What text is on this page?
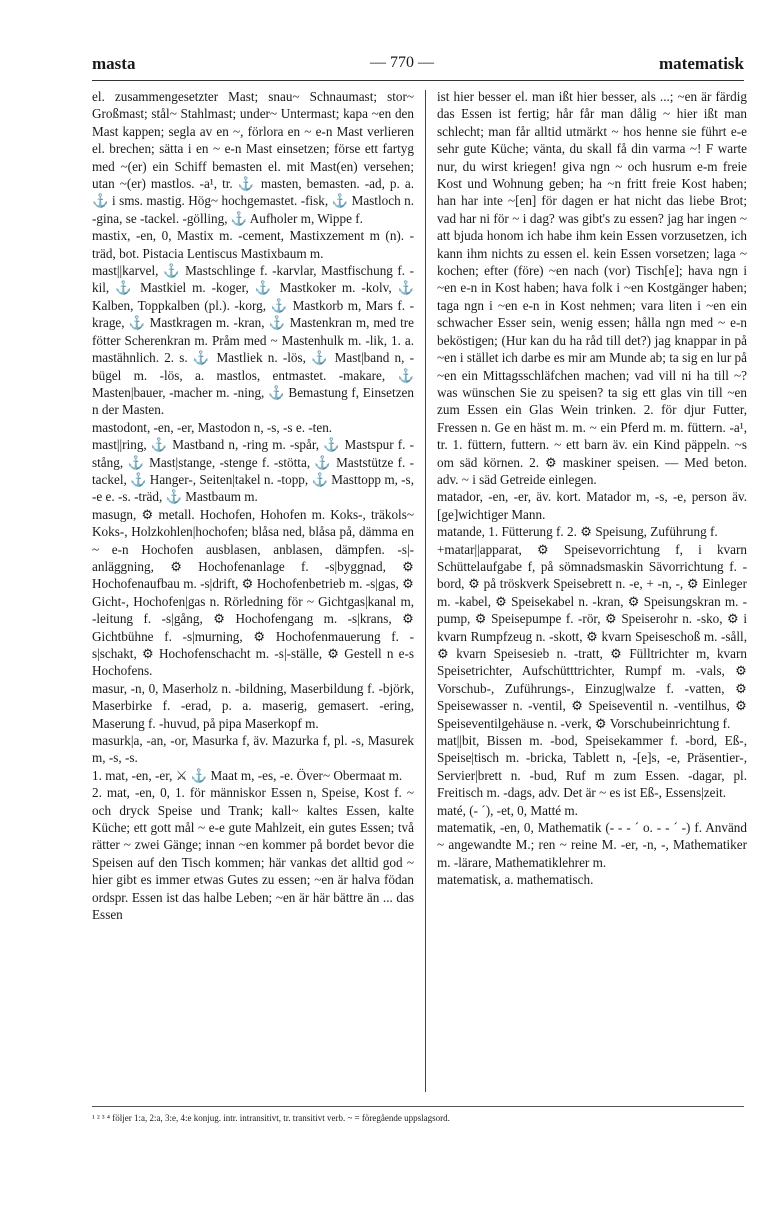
masta	— 770 —	matematisk

el. zusammengesetzter Mast; snau~ Schnaumast; stor~ Großmast; stål~ Stahlmast; under~ Untermast; kapa ~en den Mast kappen; segla av en ~, förlora en ~ e-n Mast verlieren el. brechen; sätta i en ~ e-n Mast einsetzen; förse ett fartyg med ~(er) ein Schiff bemasten el. mit Mast(en) versehen; utan ~(er) mastlos. -a¹, tr. ⚓ masten, bemasten. -ad, p. a. ⚓ i sms. mastig. Hög~ hochgemastet. -fisk, ⚓ Mastloch n. -gina, se -tackel. -gölling, ⚓ Aufholer m, Wippe f.

mastix, -en, 0, Mastix m. -cement, Mastixzement m (n). -träd, bot. Pistacia Lentiscus Mastixbaum m.

mast||karvel, ⚓ Mastschlinge f. -karvlar, Mastfischung f. -kil, ⚓ Mastkiel m. -koger, ⚓ Mastkoker m. -kolv, ⚓ Kalben, Toppkalben (pl.). -korg, ⚓ Mastkorb m, Mars f. -krage, ⚓ Mastkragen m. -kran, ⚓ Mastenkran m, med tre fötter Scherenkran m. Pråm med ~ Mastenhulk m. -lik, 1. a. mastähnlich. 2. s. ⚓ Mastliek n. -lös, ⚓ Mast|band n, -bügel m. -lös, a. mastlos, entmastet. -makare, ⚓ Masten|bauer, -macher m. -ning, ⚓ Bemastung f, Einsetzen n der Masten.

mastodont, -en, -er, Mastodon n, -s, -s e. -ten.

mast||ring, ⚓ Mastband n, -ring m. -spår, ⚓ Mastspur f. -stång, ⚓ Mast|stange, -stenge f. -stötta, ⚓ Maststütze f. -tackel, ⚓ Hanger-, Seiten|takel n. -topp, ⚓ Masttopp m, -s, -e e. -s. -träd, ⚓ Mastbaum m.

masugn, ⚙ metall. Hochofen, Hohofen m. Koks-, träkols~ Koks-, Holzkohlen|hochofen; blåsa ned, blåsa på, dämma en ~ e-n Hochofen ausblasen, anblasen, dämpfen. -s|-anläggning, ⚙ Hochofenanlage f. -s|byggnad, ⚙ Hochofenaufbau m. -s|drift, ⚙ Hochofenbetrieb m. -s|gas, ⚙ Gicht-, Hochofen|gas n. Rörledning för ~ Gichtgas|kanal m, -leitung f. -s|gång, ⚙ Hochofengang m. -s|krans, ⚙ Gichtbühne f. -s|murning, ⚙ Hochofenmauerung f. -s|schakt, ⚙ Hochofenschacht m. -s|-ställe, ⚙ Gestell n e-s Hochofens.

masur, -n, 0, Maserholz n. -bildning, Maserbildung f. -björk, Maserbirke f. -erad, p. a. maserig, gemasert. -ering, Maserung f. -huvud, på pipa Maserkopf m.

masurk|a, -an, -or, Masurka f, äv. Mazurka f, pl. -s, Masurek m, -s, -s.

1. mat, -en, -er, ⚔ ⚓ Maat m, -es, -e. Över~ Obermaat m.

2. mat, -en, 0, 1. för människor Essen n, Speise, Kost f. ~ och dryck Speise und Trank; kall~ kaltes Essen, kalte Küche; ett gott mål ~ e-e gute Mahlzeit, ein gutes Essen; två rätter ~ zwei Gänge; innan ~en kommer på bordet bevor die Speisen auf den Tisch kommen; här vankas det alltid god ~ hier gibt es immer etwas Gutes zu essen; ~en är halva födan ordspr. Essen ist das halbe Leben; ~en är här bättre än ... das Essen

ist hier besser el. man ißt hier besser, als ...; ~en är färdig das Essen ist fertig; hår får man dålig ~ hier ißt man schlecht; man får alltid utmärkt ~ hos henne sie führt e-e sehr gute Küche; vänta, du skall få din varma ~! F warte nur, du wirst kriegen! giva ngn ~ och husrum e-m freie Kost und Wohnung geben; ha ~n fritt freie Kost haben; han har inte ~[en] för dagen er hat nicht das liebe Brot; vad har ni för ~ i dag? was gibt's zu essen? jag har ingen ~ att bjuda honom ich habe ihm kein Essen vorzusetzen, ich kann ihm nichts zu essen el. kein Essen vorsetzen; laga ~ kochen; efter (före) ~en nach (vor) Tisch[e]; hava ngn i ~en e-n in Kost haben; hava folk i ~en Kostgänger haben; taga ngn i ~en e-n in Kost nehmen; vara liten i ~en ein schwacher Esser sein, wenig essen; hålla ngn med ~ e-n beköstigen; (Hur kan du ha råd till det?) jag knappar in på ~en i stället ich darbe es mir am Munde ab; ta sig en lur på ~en ein Mittagsschläfchen machen; vad vill ni ha till ~? was wünschen Sie zu speisen? ta sig ett glas vin till ~en zum Essen ein Glas Wein trinken. 2. för djur Futter, Fressen n. Ge en häst m. m. ~ ein Pferd m. m. füttern. -a¹, tr. 1. füttern, futtern. ~ ett barn äv. ein Kind päppeln. ~s om säd körnen. 2. ⚙ maskiner speisen. — Med beton. adv. ~ i säd Getreide einlegen.

matador, -en, -er, äv. kort. Matador m, -s, -e, person äv. [ge]wichtiger Mann.

matande, 1. Fütterung f. 2. ⚙ Speisung, Zuführung f.

+matar||apparat, ⚙ Speisevorrichtung f, i kvarn Schüttelaufgabe f, på sömnadsmaskin Sävorrichtung f. -bord, ⚙ på tröskverk Speisebrett n. -e, + -n, -, ⚙ Einleger m. -kabel, ⚙ Speisekabel n. -kran, ⚙ Speisungskran m. -pump, ⚙ Speisepumpe f. -rör, ⚙ Speiserohr n. -sko, ⚙ i kvarn Rumpfzeug n. -skott, ⚙ kvarn Speiseschoß m. -såll, ⚙ kvarn Speisesieb n. -tratt, ⚙ Fülltrichter m, kvarn Speisetrichter, Aufschütttrichter, Rumpf m. -vals, ⚙ Vorschub-, Zuführungs-, Einzug|walze f. -vatten, ⚙ Speisewasser n. -ventil, ⚙ Speiseventil n. -ventilhus, ⚙ Speiseventilgehäuse n. -verk, ⚙ Vorschubeinrichtung f.

mat||bit, Bissen m. -bod, Speisekammer f. -bord, Eß-, Speise|tisch m. -bricka, Tablett n, -[e]s, -e, Präsentier-, Servier|brett n. -bud, Ruf m zum Essen. -dagar, pl. Freitisch m. -dags, adv. Det är ~ es ist Eß-, Essens|zeit.

maté, (- ´), -et, 0, Matté m.

matematik, -en, 0, Mathematik (- - - ´ o. - - ´ -) f. Använd ~ angewandte M.; ren ~ reine M. -er, -n, -, Mathematiker m. -lärare, Mathematiklehrer m.

matematisk, a. mathematisch.

¹ ² ³ ⁴ följer 1:a, 2:a, 3:e, 4:e konjug. intr. intransitivt, tr. transitivt verb. ~ = föregående uppslagsord.
